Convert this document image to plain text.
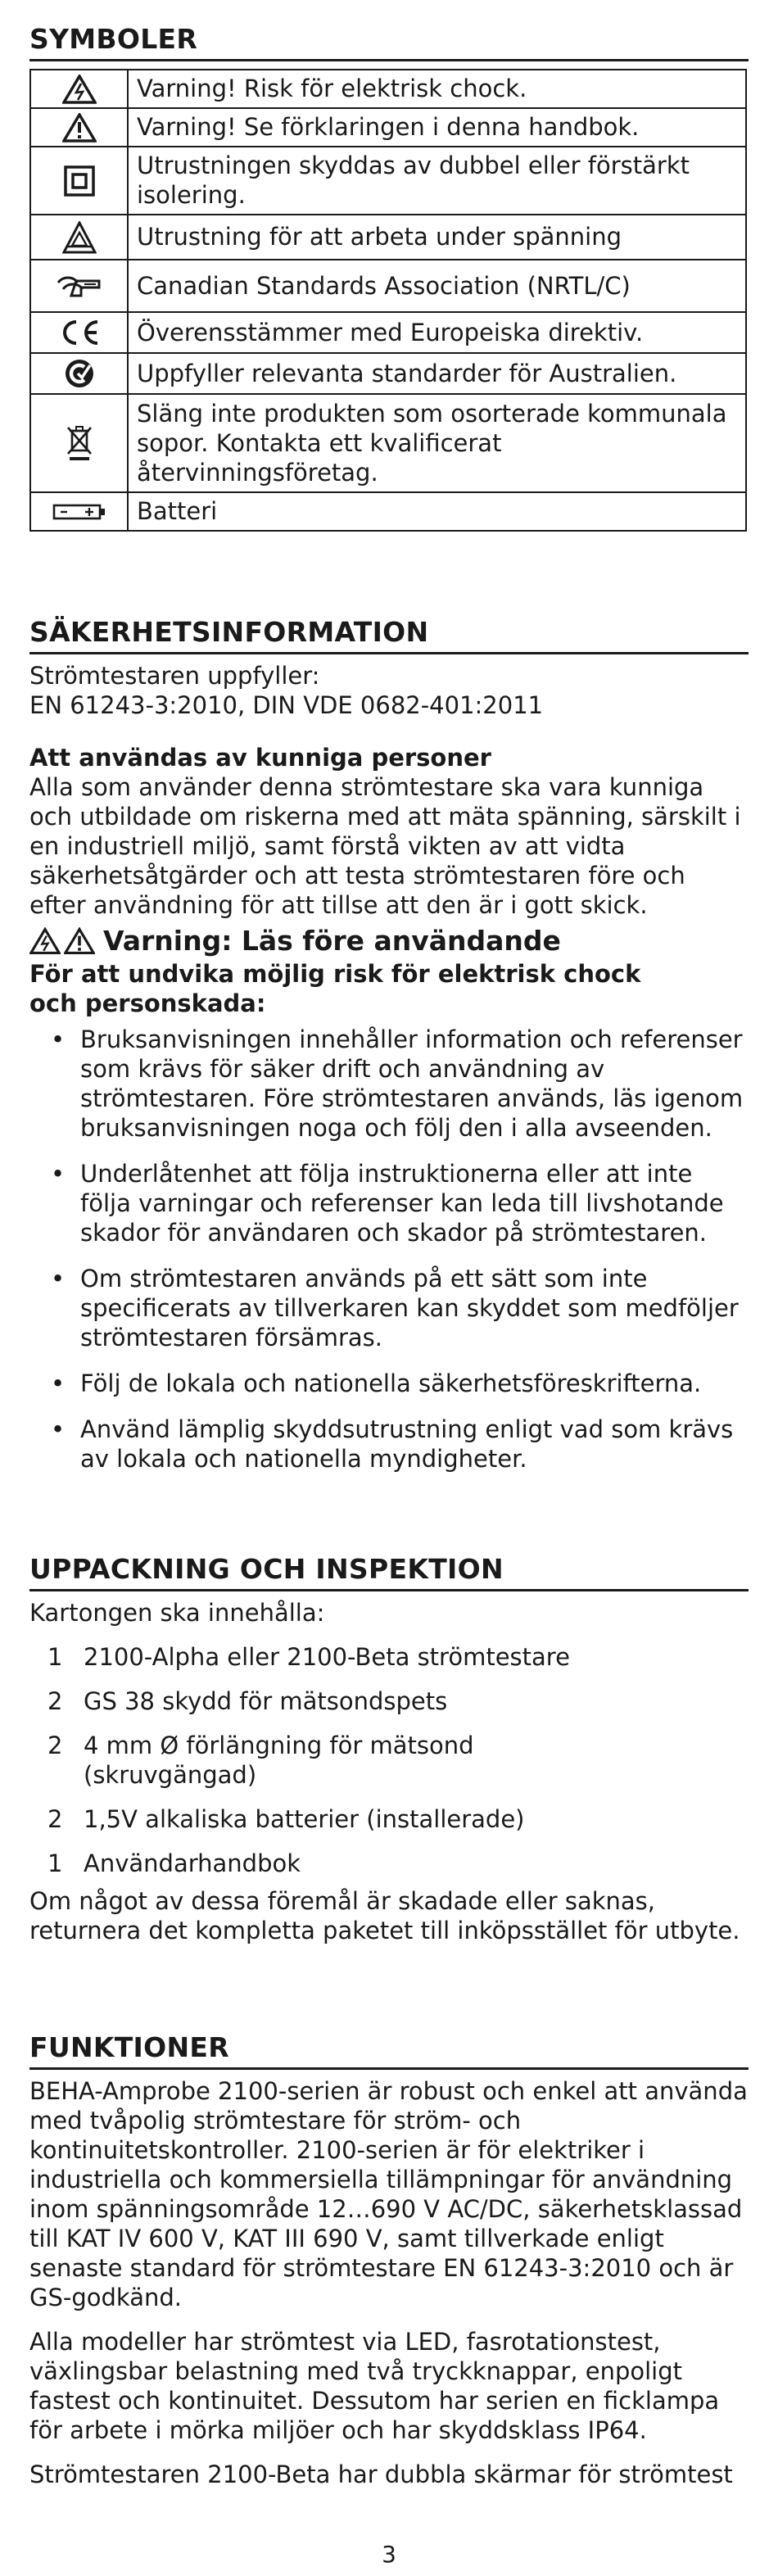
SYMBOLER
	Varning! Risk för elektrisk chock.

	Varning! Se förklaringen i denna handbok.

	Utrustningen skyddas av dubbel eller förstärkt isolering.

	Utrustning för att arbeta under spänning

	Canadian Standards Association (NRTL/C)

	Överensstämmer med Europeiska direktiv.

	Uppfyller relevanta standarder för Australien.

	Släng inte produkten som osorterade kommunala sopor. Kontakta ett kvalificerat återvinningsföretag.

	Batteri
SÄKERHETSINFORMATION

Strömtestaren uppfyller:

EN 61243-3:2010, DIN VDE 0682-401:2011

Att användas av kunniga personer

Alla som använder denna strömtestare ska vara kunniga och utbildade om riskerna med att mäta spänning, särskilt i en industriell miljö, samt förstå vikten av att vidta säkerhetsåtgärder och att testa strömtestaren före och efter användning för att tillse att den är i gott skick.

Varning: Läs före användande

För att undvika möjlig risk för elektrisk chock och personskada:

• Bruksanvisningen innehåller information och referenser som krävs för säker drift och användning av strömtestaren. Före strömtestaren används, läs igenom bruksanvisningen noga och följ den i alla avseenden.
• Underlåtenhet att följa instruktionerna eller att inte följa varningar och referenser kan leda till livshotande skador för användaren och skador på strömtestaren.
• Om strömtestaren används på ett sätt som inte specificerats av tillverkaren kan skyddet som medföljer strömtestaren försämras.
• Följ de lokala och nationella säkerhetsföreskrifterna.
• Använd lämplig skyddsutrustning enligt vad som krävs av lokala och nationella myndigheter.
UPPACKNING OCH INSPEKTION

Kartongen ska innehålla:

1 2100-Alpha eller 2100-Beta strömtestare
2 GS 38 skydd för mätsondspets
2 4 mm Ø förlängning för mätsond (skruvgängad)
2 1,5V alkaliska batterier (installerade)
1 Användarhandbok

Om något av dessa föremål är skadade eller saknas, returnera det kompletta paketet till inköpsstället för utbyte.

FUNKTIONER

BEHA-Amprobe 2100-serien är robust och enkel att använda med tvåpolig strömtestare för ström- och kontinuitetskontroller. 2100-serien är för elektriker i industriella och kommersiella tillämpningar för användning inom spänningsområde 12…690 V AC/DC, säkerhetsklassad till KAT IV 600 V, KAT III 690 V, samt tillverkade enligt senaste standard för strömtestare EN 61243-3:2010 och är GS-godkänd.

Alla modeller har strömtest via LED, fasrotationstest, växlingsbar belastning med två tryckknappar, enpoligt fastest och kontinuitet. Dessutom har serien en ficklampa för arbete i mörka miljöer och har skyddsklass IP64.

Strömtestaren 2100-Beta har dubbla skärmar för strömtest

3
